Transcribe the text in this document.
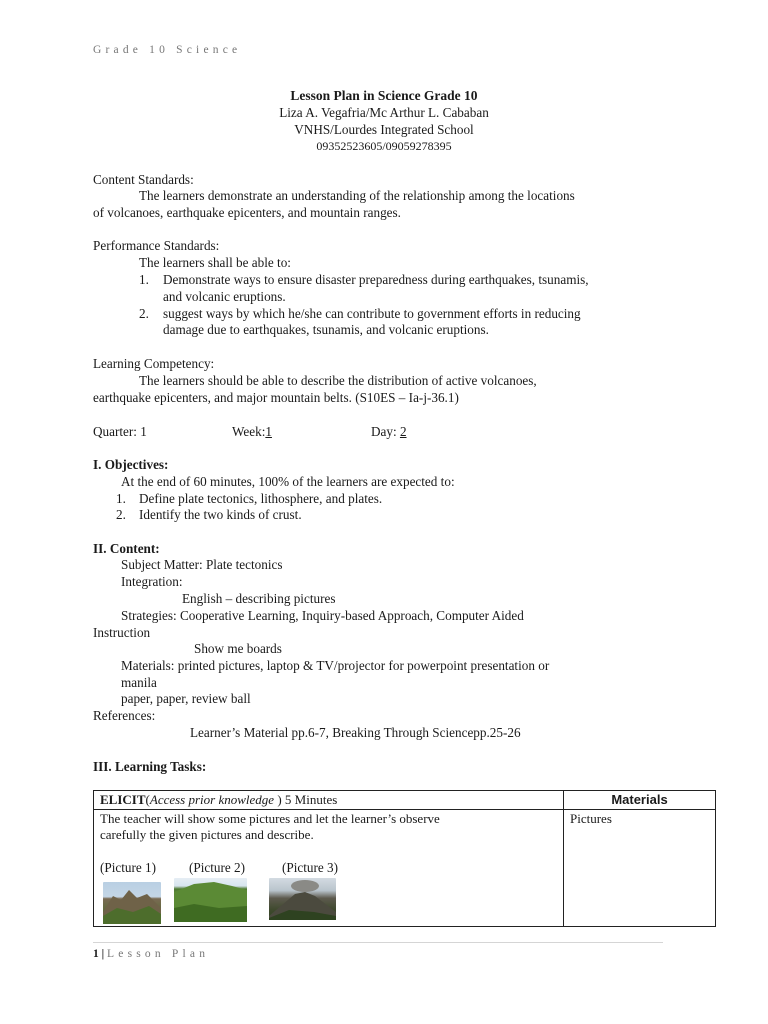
Grade 10 Science
Lesson Plan in Science Grade 10
Liza A. Vegafria/Mc Arthur L. Cababan
VNHS/Lourdes Integrated School
09352523605/09059278395
Content Standards:
The learners demonstrate an understanding of the relationship among the locations
of volcanoes, earthquake epicenters, and mountain ranges.
Performance Standards:
The learners shall be able to:
1. Demonstrate ways to ensure disaster preparedness during earthquakes, tsunamis,
and volcanic eruptions.
2. suggest ways by which he/she can contribute to government efforts in reducing
damage due to earthquakes, tsunamis, and volcanic eruptions.
Learning Competency:
The learners should be able to describe the distribution of active volcanoes,
earthquake epicenters, and major mountain belts. (S10ES – Ia-j-36.1)
Quarter: 1	Week:1	Day: 2
I. Objectives:
At the end of 60 minutes, 100% of the learners are expected to:
1. Define plate tectonics, lithosphere, and plates.
2. Identify the two kinds of crust.
II. Content:
Subject Matter: Plate tectonics
Integration:
English – describing pictures
Strategies: Cooperative Learning, Inquiry-based Approach, Computer Aided
Instruction
Show me boards
Materials: printed pictures, laptop & TV/projector for powerpoint presentation or
manila
paper, paper, review ball
References:
Learner’s Material pp.6-7, Breaking Through Sciencepp.25-26
III. Learning Tasks:
ELICIT(Access prior knowledge ) 5 Minutes	Materials

The teacher will show some pictures and let the learner’s observe
carefully the given pictures and describe.	Pictures
(Picture 1) (Picture 2)	(Picture 3)
1 | Lesson Plan
